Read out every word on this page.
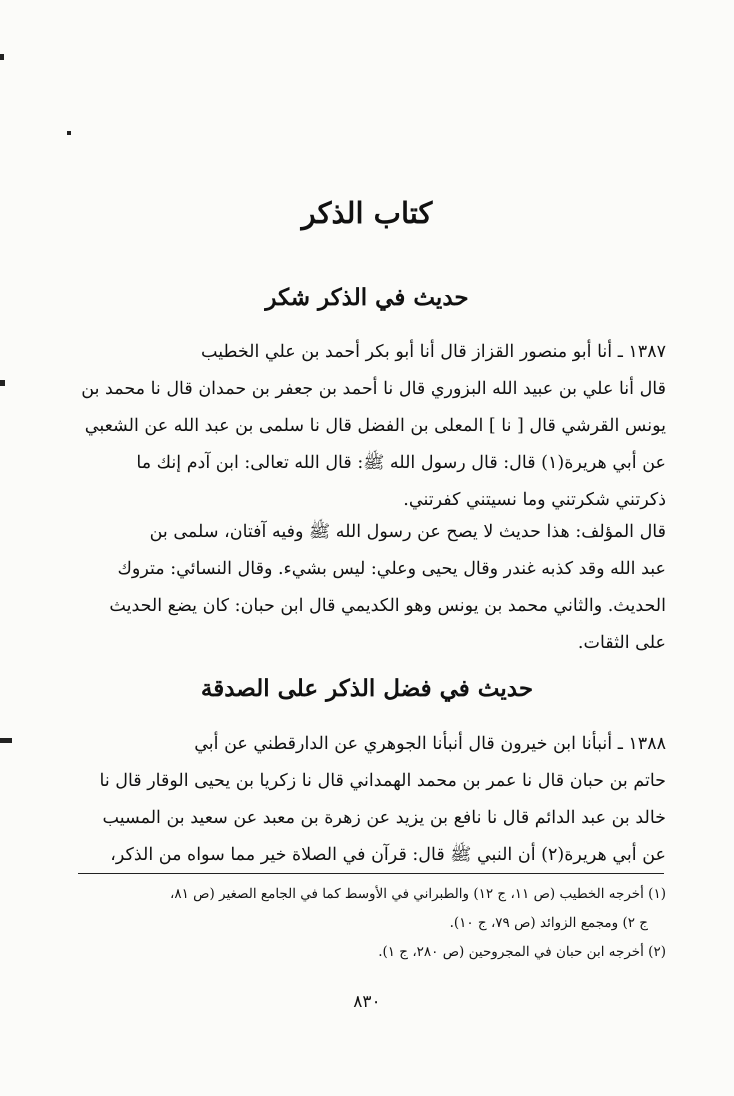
كتاب الذكر
حديث في الذكر شكر

١٣٨٧ ـ أنا أبو منصور القزاز قال أنا أبو بكر أحمد بن علي الخطيب

قال أنا علي بن عبيد الله البزوري قال نا أحمد بن جعفر بن حمدان قال نا محمد بن

يونس القرشي قال [ نا ] المعلى بن الفضل قال نا سلمى بن عبد الله عن الشعبي

عن أبي هريرة(١) قال: قال رسول الله ﷺ: قال الله تعالى: ابن آدم إنك ما

ذكرتني شكرتني وما نسيتني كفرتني.

قال المؤلف: هذا حديث لا يصح عن رسول الله ﷺ وفيه آفتان، سلمى بن

عبد الله وقد كذبه غندر وقال يحيى وعلي: ليس بشيء. وقال النسائي: متروك

الحديث. والثاني محمد بن يونس وهو الكديمي قال ابن حبان: كان يضع الحديث

على الثقات.

حديث في فضل الذكر على الصدقة

١٣٨٨ ـ أنبأنا ابن خيرون قال أنبأنا الجوهري عن الدارقطني عن أبي

حاتم بن حبان قال نا عمر بن محمد الهمداني قال نا زكريا بن يحيى الوقار قال نا

خالد بن عبد الدائم قال نا نافع بن يزيد عن زهرة بن معبد عن سعيد بن المسيب

عن أبي هريرة(٢) أن النبي ﷺ قال: قرآن في الصلاة خير مما سواه من الذكر،

(١) أخرجه الخطيب (ص ١١، ج ١٢) والطبراني في الأوسط كما في الجامع الصغير (ص ٨١،

ج ٢) ومجمع الزوائد (ص ٧٩، ج ١٠).

(٢) أخرجه ابن حبان في المجروحين (ص ٢٨٠، ج ١).

٨٣٠
